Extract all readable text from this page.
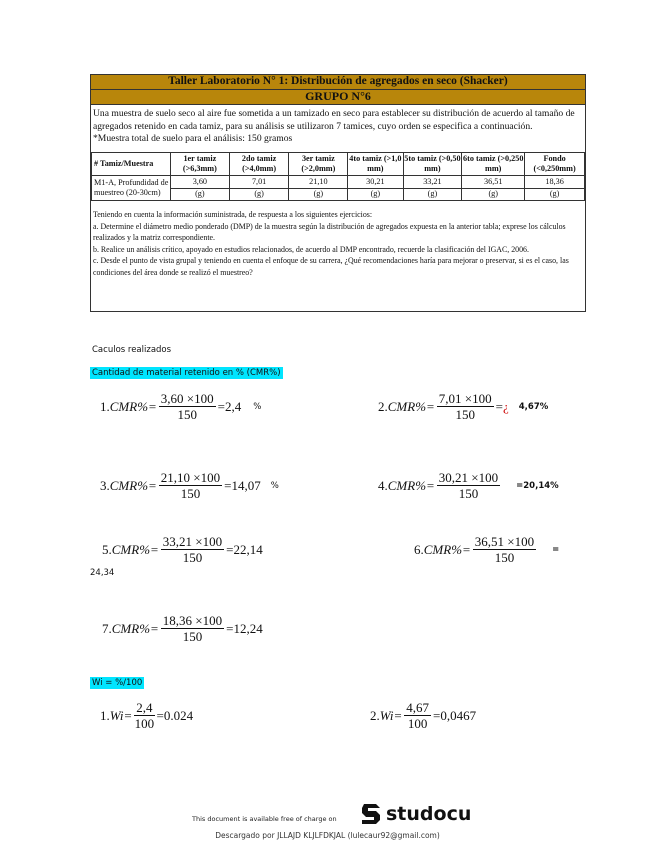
Taller Laboratorio N° 1: Distribución de agregados en seco (Shacker)
GRUPO N°6
Una muestra de suelo seco al aire fue sometida a un tamizado en seco para establecer su distribución de acuerdo al tamaño de agregados retenido en cada tamiz, para su análisis se utilizaron 7 tamices, cuyo orden se especifica a continuación.
*Muestra total de suelo para el análisis: 150 gramos
# Tamiz/Muestra	1er tamiz (>6,3mm)	2do tamiz (>4,0mm)	3er tamiz (>2,0mm)	4to tamiz (>1,0 mm)	5to tamiz (>0,50 mm)	6to tamiz (>0,250 mm)	Fondo (<0,250mm)
M1-A, Profundidad de muestreo (20-30cm)	3,60	7,01	21,10	30,21	33,21	36,51	18,36
	(g)	(g)	(g)	(g)	(g)	(g)	(g)
Teniendo en cuenta la información suministrada, de respuesta a los siguientes ejercicios:
a. Determine el diámetro medio ponderado (DMP) de la muestra según la distribución de agregados expuesta en la anterior tabla; exprese los cálculos realizados y la matriz correspondiente.
b. Realice un análisis crítico, apoyado en estudios relacionados, de acuerdo al DMP encontrado, recuerde la clasificación del IGAC, 2006.
c. Desde el punto de vista grupal y teniendo en cuenta el enfoque de su carrera, ¿Qué recomendaciones haría para mejorar o preservar, si es el caso, las condiciones del área donde se realizó el muestreo?
Caculos realizados
Cantidad de material retenido en % (CMR%)
1. $CMR\%= \frac{3,60 \times 100}{150} =2,4$ %	2. $CMR\%= \frac{7,01 \times 100}{150}$ =¿ 4,67%
3. $CMR\%= \frac{21,10 \times 100}{150} =14,07$ %	4. $CMR\%= \frac{30,21 \times 100}{150} =20,14\%$
5. $CMR\%= \frac{33,21 \times 100}{150} =22,14$	6. $CMR\%= \frac{36,51 \times 100}{150}$ =
24,34
7. $CMR\%= \frac{18,36 \times 100}{150} =12,24$
Wi = %/100
1. $Wi= \frac{2,4}{100} =0.024$	2. $Wi= \frac{4,67}{100} =0,0467$
This document is available free of charge on	studocu
Descargado por JLLAJD KLJLFDKJAL (lulecaur92@gmail.com)
